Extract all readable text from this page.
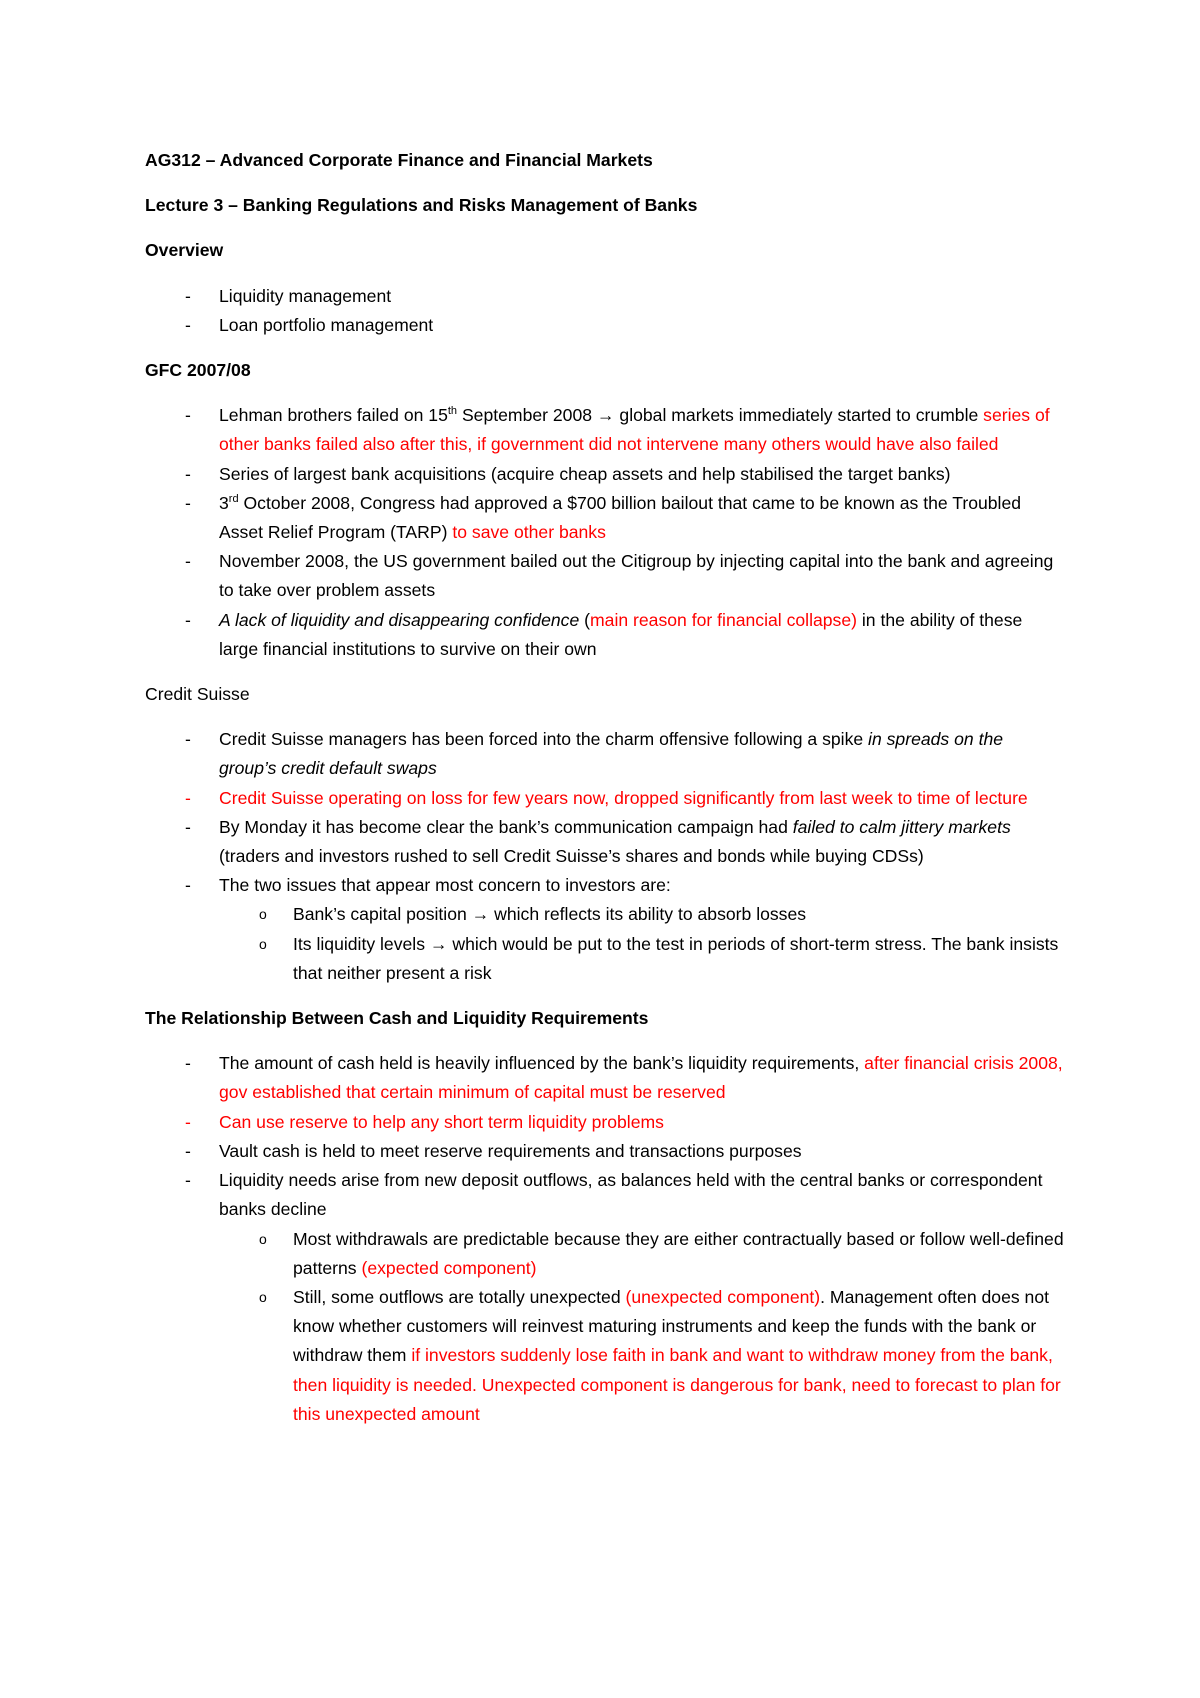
AG312 – Advanced Corporate Finance and Financial Markets

Lecture 3 – Banking Regulations and Risks Management of Banks

Overview

- Liquidity management
- Loan portfolio management

GFC 2007/08

- Lehman brothers failed on 15th September 2008 → global markets immediately started to crumble series of other banks failed also after this, if government did not intervene many others would have also failed
- Series of largest bank acquisitions (acquire cheap assets and help stabilised the target banks)
- 3rd October 2008, Congress had approved a $700 billion bailout that came to be known as the Troubled Asset Relief Program (TARP) to save other banks
- November 2008, the US government bailed out the Citigroup by injecting capital into the bank and agreeing to take over problem assets
- A lack of liquidity and disappearing confidence (main reason for financial collapse) in the ability of these large financial institutions to survive on their own

Credit Suisse

- Credit Suisse managers has been forced into the charm offensive following a spike in spreads on the group’s credit default swaps
- Credit Suisse operating on loss for few years now, dropped significantly from last week to time of lecture
- By Monday it has become clear the bank’s communication campaign had failed to calm jittery markets (traders and investors rushed to sell Credit Suisse’s shares and bonds while buying CDSs)
- The two issues that appear most concern to investors are:
o Bank’s capital position → which reflects its ability to absorb losses
o Its liquidity levels → which would be put to the test in periods of short-term stress. The bank insists that neither present a risk

The Relationship Between Cash and Liquidity Requirements

- The amount of cash held is heavily influenced by the bank’s liquidity requirements, after financial crisis 2008, gov established that certain minimum of capital must be reserved
- Can use reserve to help any short term liquidity problems
- Vault cash is held to meet reserve requirements and transactions purposes
- Liquidity needs arise from new deposit outflows, as balances held with the central banks or correspondent banks decline
o Most withdrawals are predictable because they are either contractually based or follow well-defined patterns (expected component)
o Still, some outflows are totally unexpected (unexpected component). Management often does not know whether customers will reinvest maturing instruments and keep the funds with the bank or withdraw them if investors suddenly lose faith in bank and want to withdraw money from the bank, then liquidity is needed. Unexpected component is dangerous for bank, need to forecast to plan for this unexpected amount
